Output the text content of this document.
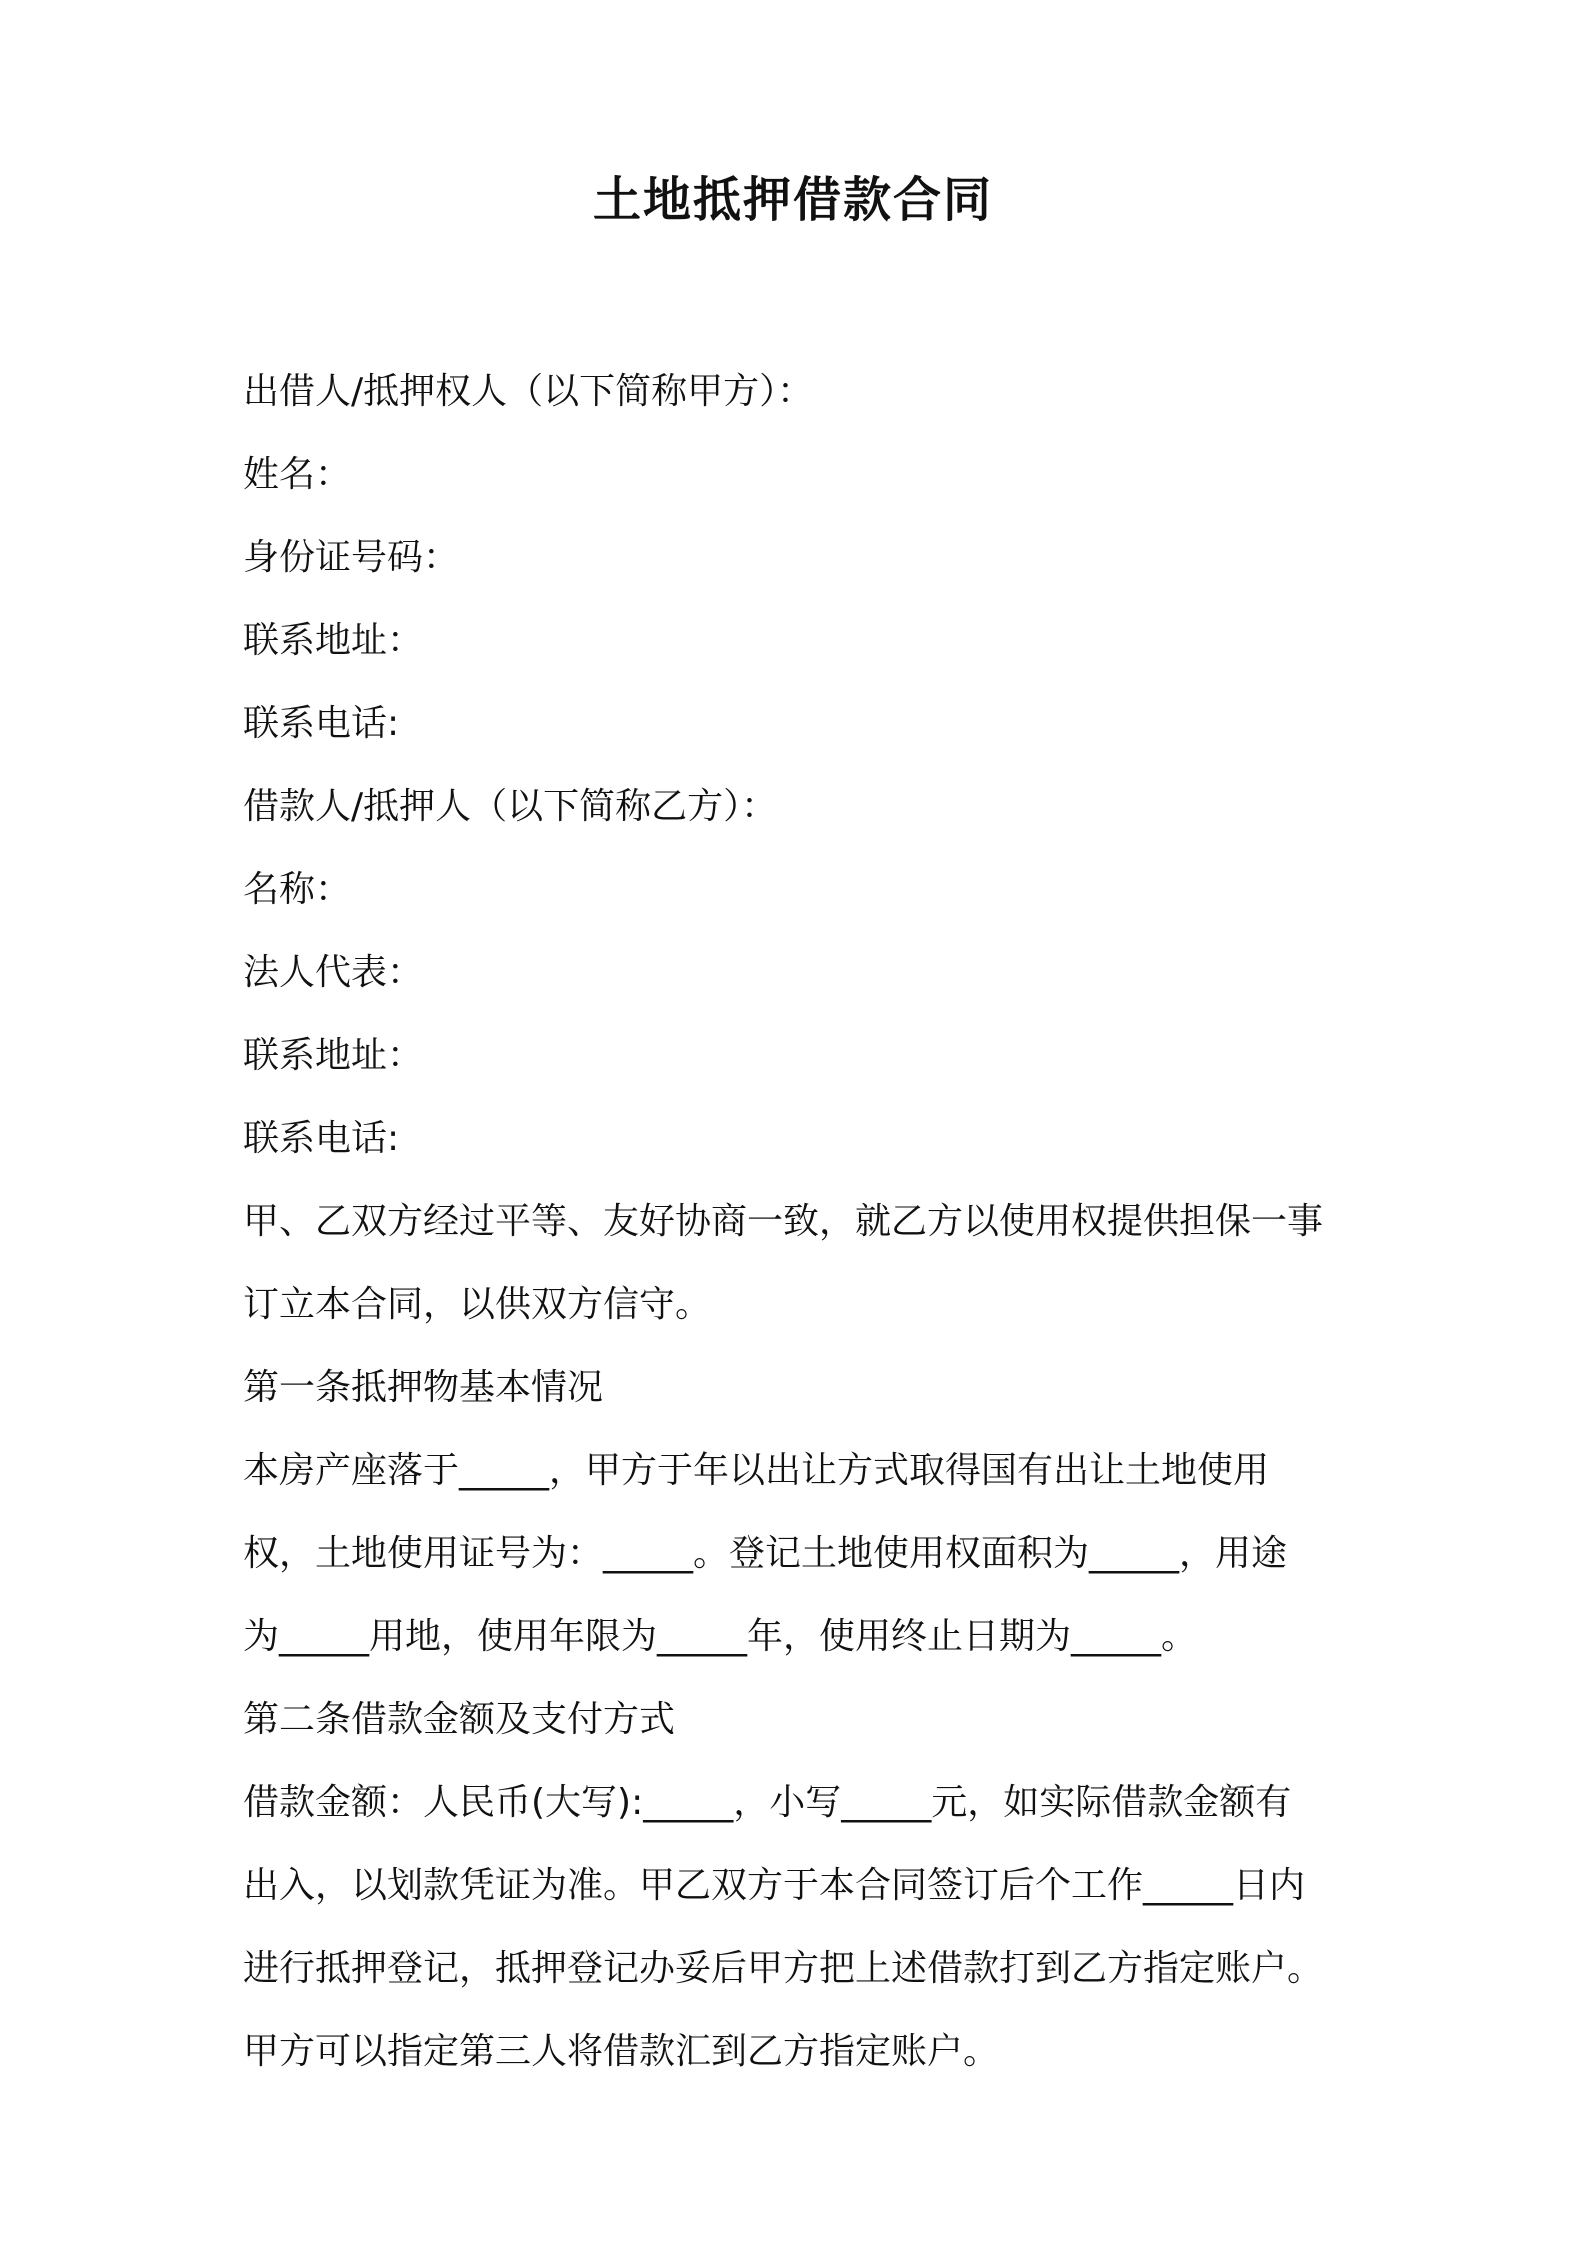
土地抵押借款合同

出借人/抵押权人（以下简称甲方）：

姓名：

身份证号码：

联系地址：

联系电话:

借款人/抵押人（以下简称乙方）：

名称：

法人代表：

联系地址：

联系电话:

甲、乙双方经过平等、友好协商一致，就乙方以使用权提供担保一事

订立本合同，以供双方信守。

第一条抵押物基本情况

本房产座落于_____，甲方于年以出让方式取得国有出让土地使用

权，土地使用证号为：_____。登记土地使用权面积为_____，用途

为_____用地，使用年限为_____年，使用终止日期为_____。

第二条借款金额及支付方式

借款金额：人民币(大写):_____，小写_____元，如实际借款金额有

出入，以划款凭证为准。甲乙双方于本合同签订后个工作_____日内

进行抵押登记，抵押登记办妥后甲方把上述借款打到乙方指定账户。

甲方可以指定第三人将借款汇到乙方指定账户。
